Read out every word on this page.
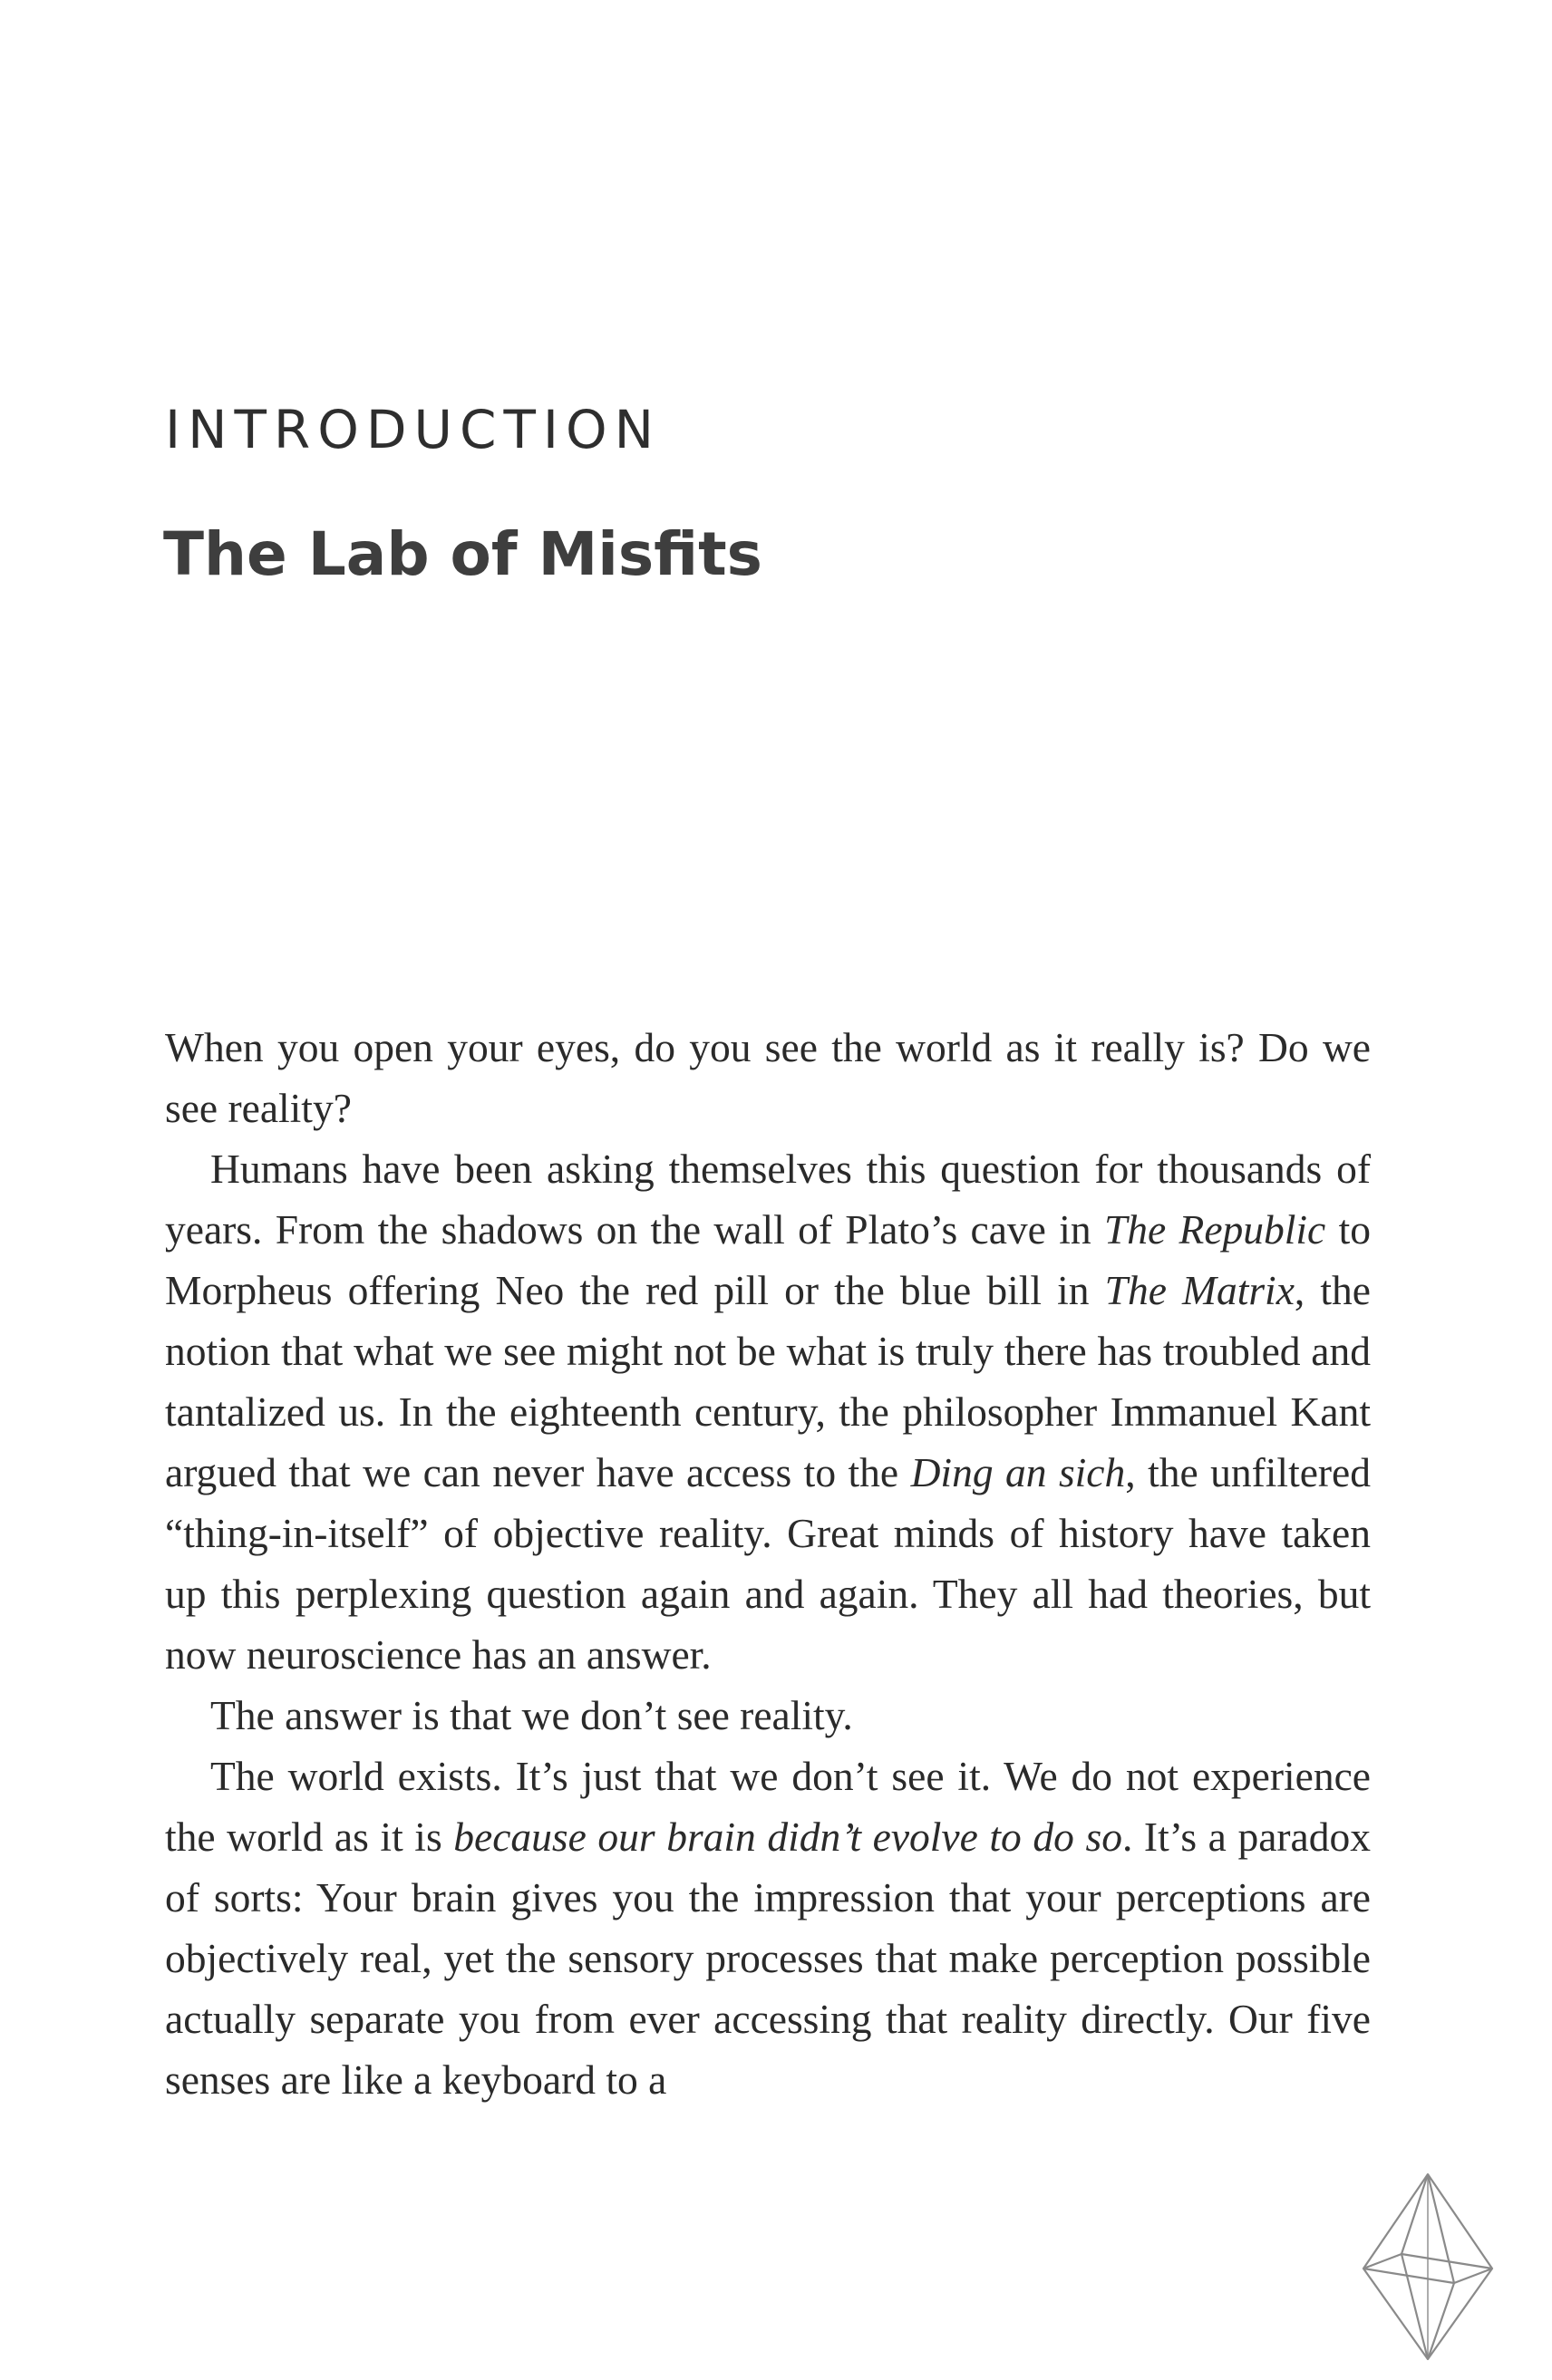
INTRODUCTION
The Lab of Misfits

When you open your eyes, do you see the world as it really is? Do we see reality?

Humans have been asking themselves this question for thousands of years. From the shadows on the wall of Plato’s cave in The Republic to Morpheus offering Neo the red pill or the blue bill in The Matrix, the notion that what we see might not be what is truly there has troubled and tantalized us. In the eighteenth century, the philosopher Immanuel Kant argued that we can never have access to the Ding an sich, the unfiltered “thing-in-itself” of objective reality. Great minds of history have taken up this perplexing question again and again. They all had theories, but now neuroscience has an answer.

The answer is that we don’t see reality.

The world exists. It’s just that we don’t see it. We do not experience the world as it is because our brain didn’t evolve to do so. It’s a paradox of sorts: Your brain gives you the impression that your perceptions are objectively real, yet the sensory processes that make perception possible actually separate you from ever accessing that reality directly. Our five senses are like a keyboard to a
